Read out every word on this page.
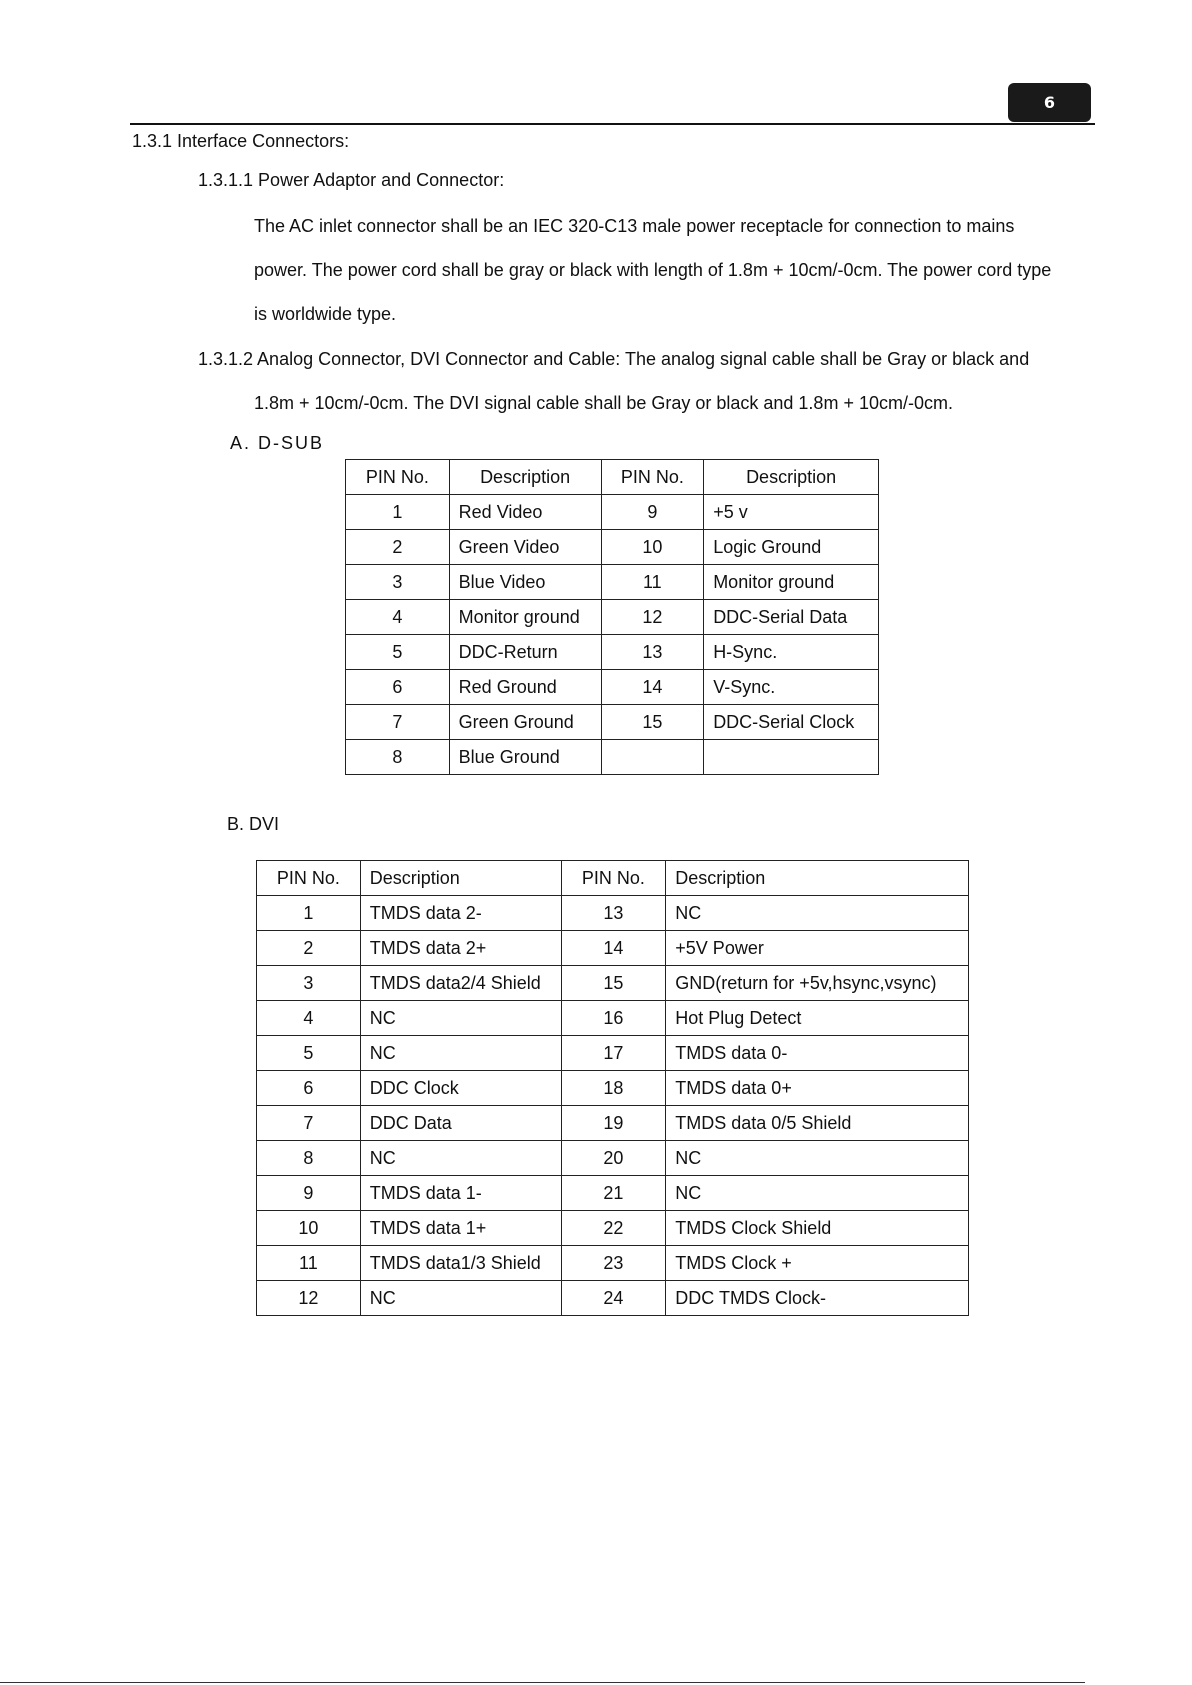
6
1.3.1 Interface Connectors:
1.3.1.1 Power Adaptor and Connector:
The AC inlet connector shall be an IEC 320-C13 male power receptacle for connection to mains
power. The power cord shall be gray or black with length of 1.8m + 10cm/-0cm. The power cord type
is worldwide type.
1.3.1.2 Analog Connector, DVI Connector and Cable: The analog signal cable shall be Gray or black and
1.8m + 10cm/-0cm. The DVI signal cable shall be Gray or black and 1.8m + 10cm/-0cm.
A. D-SUB
PIN No.	Description	PIN No.	Description
1	Red Video	9	+5 v
2	Green Video	10	Logic Ground
3	Blue Video	11	Monitor ground
4	Monitor ground	12	DDC-Serial Data
5	DDC-Return	13	H-Sync.
6	Red Ground	14	V-Sync.
7	Green Ground	15	DDC-Serial Clock
8	Blue Ground		
B. DVI
PIN No.	Description	PIN No.	Description
1	TMDS data 2-	13	NC
2	TMDS data 2+	14	+5V Power
3	TMDS data2/4 Shield	15	GND(return for +5v,hsync,vsync)
4	NC	16	Hot Plug Detect
5	NC	17	TMDS data 0-
6	DDC Clock	18	TMDS data 0+
7	DDC Data	19	TMDS data 0/5 Shield
8	NC	20	NC
9	TMDS data 1-	21	NC
10	TMDS data 1+	22	TMDS Clock Shield
11	TMDS data1/3 Shield	23	TMDS Clock +
12	NC	24	DDC TMDS Clock-
